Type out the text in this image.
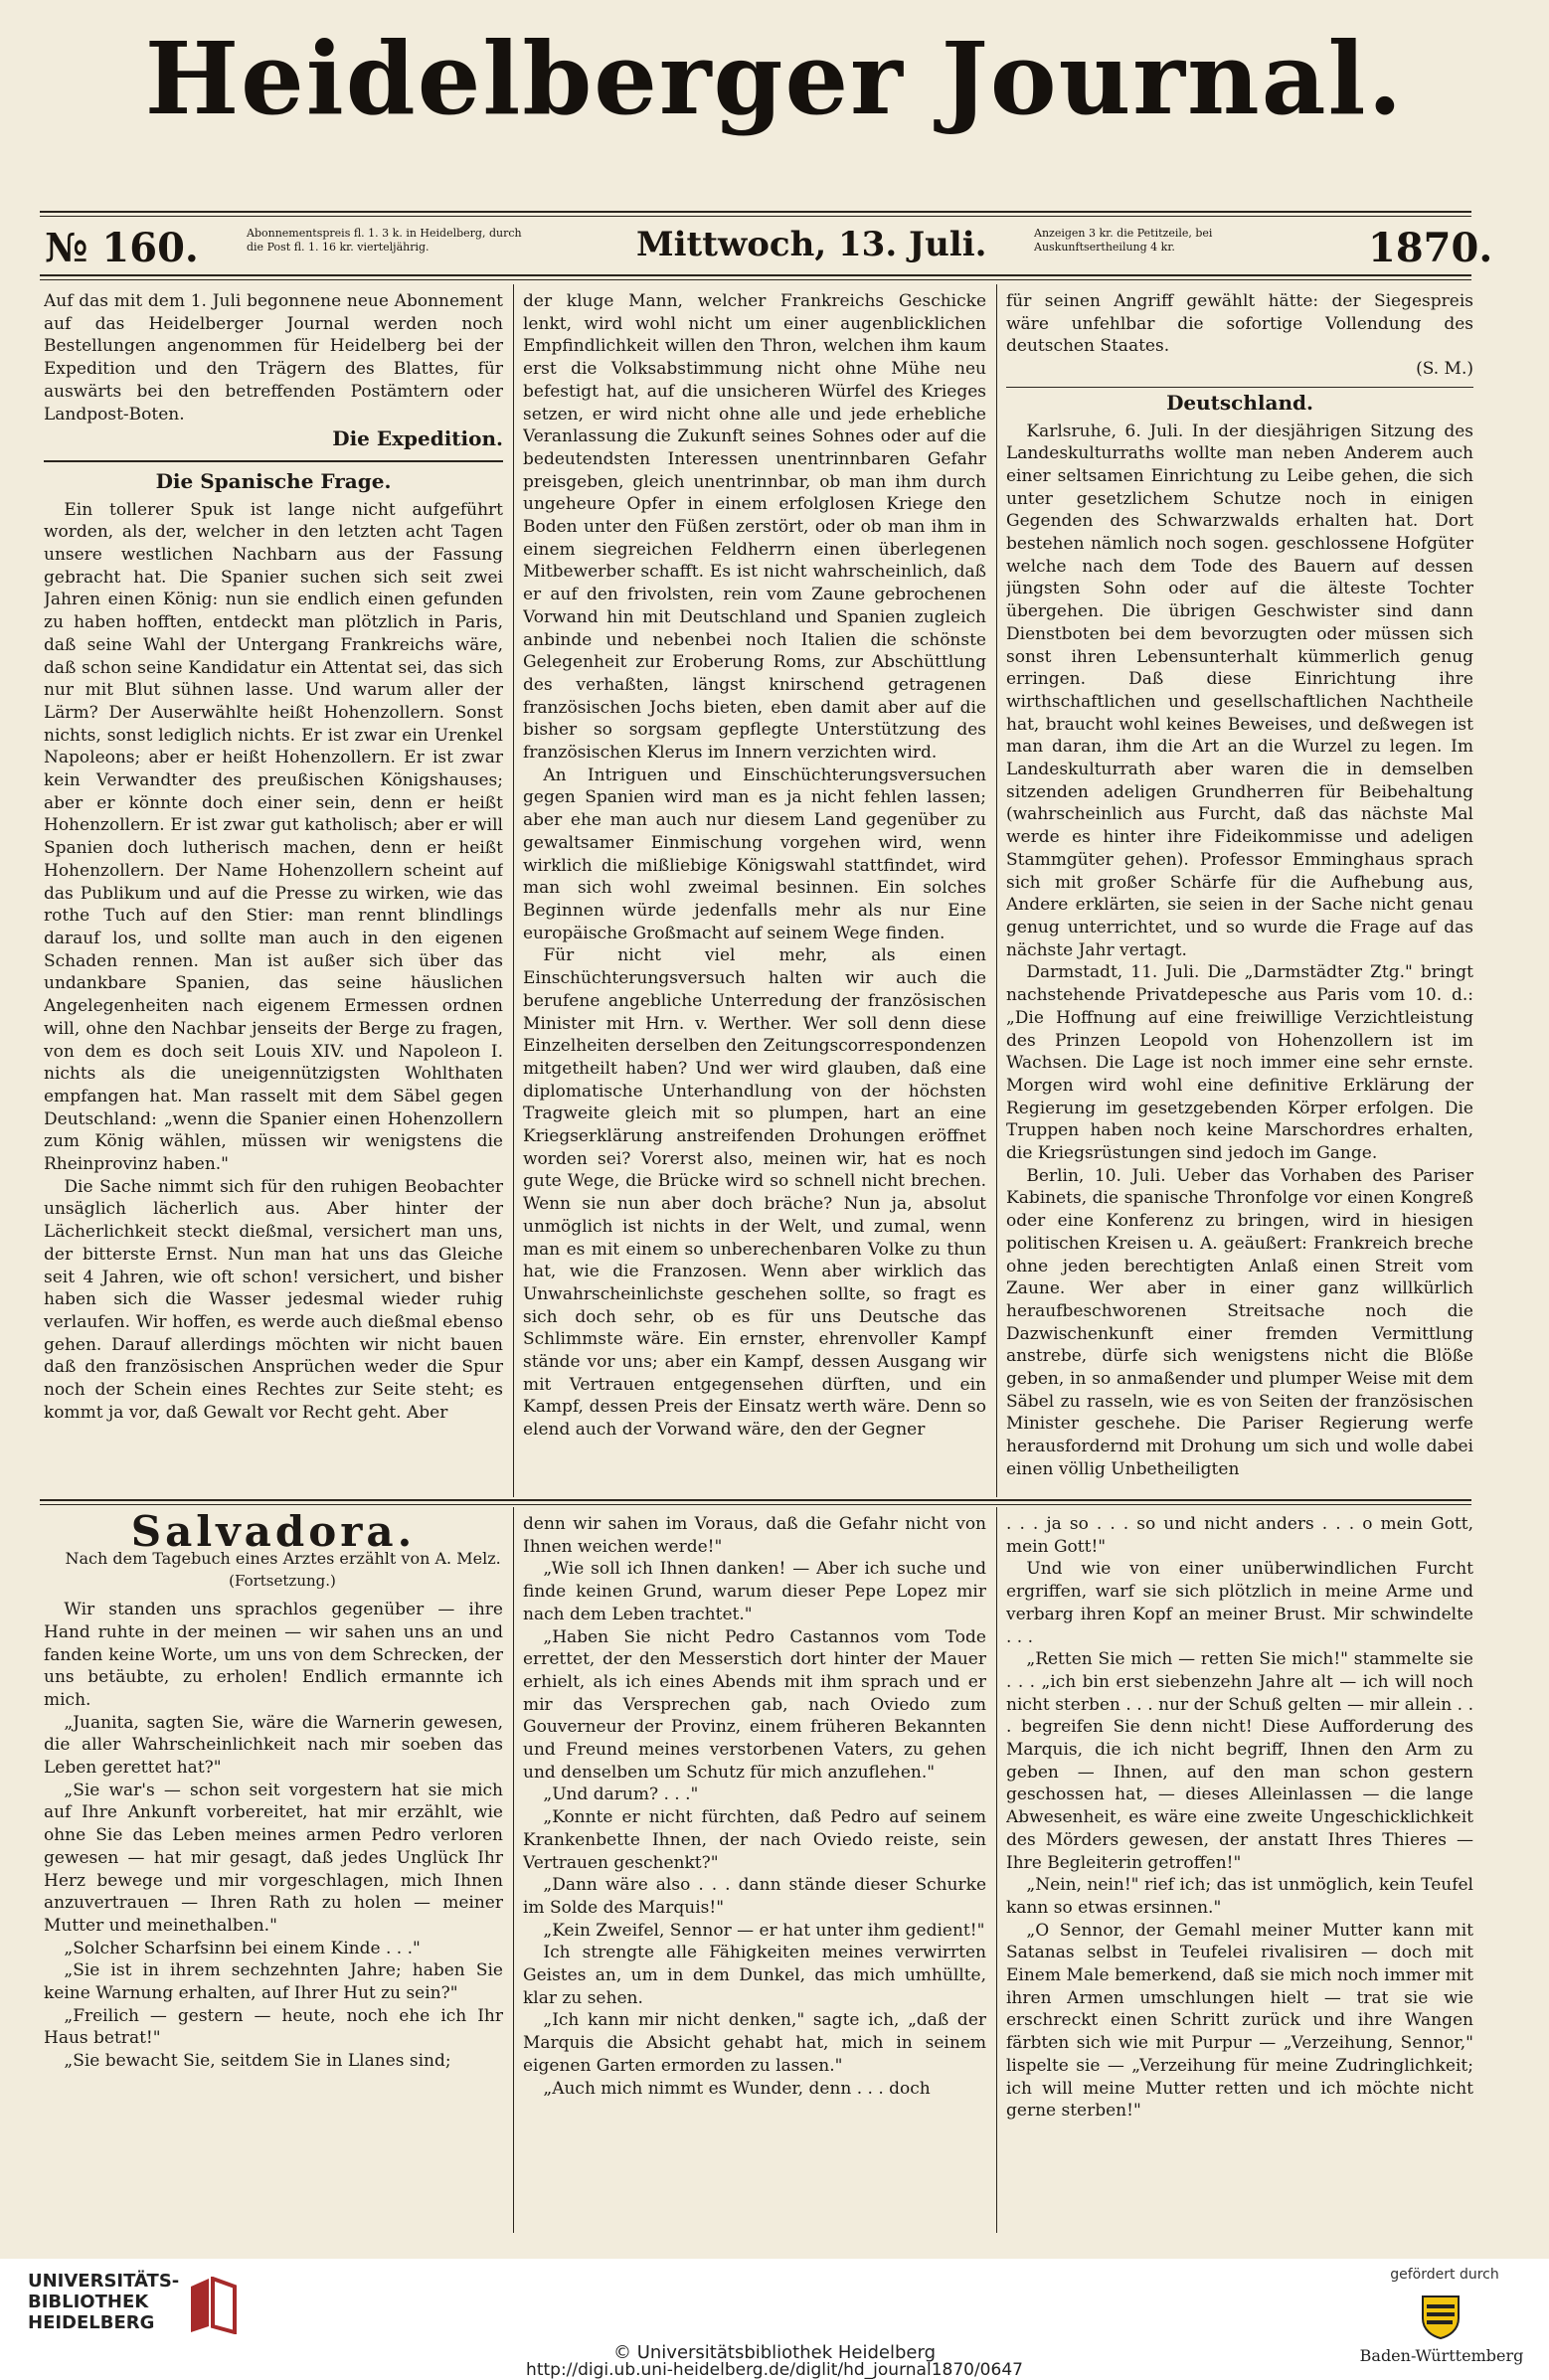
Heidelberger Journal.
№ 160.	Abonnementspreis fl. 1. 3 k. in Heidelberg, durch die Post fl. 1. 16 kr. vierteljährig.	Mittwoch, 13. Juli.	Anzeigen 3 kr. die Petitzeile, bei Auskunftsertheilung 4 kr.	1870.

Auf das mit dem 1. Juli begonnene neue Abonnement auf das Heidelberger Journal werden noch Bestellungen angenommen für Heidelberg bei der Expedition und den Trägern des Blattes, für auswärts bei den betreffenden Postämtern oder Landpost-Boten.

Die Expedition.

Die Spanische Frage.

Ein tollerer Spuk ist lange nicht aufgeführt worden, als der, welcher in den letzten acht Tagen unsere westlichen Nachbarn aus der Fassung gebracht hat. Die Spanier suchen sich seit zwei Jahren einen König: nun sie endlich einen gefunden zu haben hofften, entdeckt man plötzlich in Paris, daß seine Wahl der Untergang Frankreichs wäre, daß schon seine Kandidatur ein Attentat sei, das sich nur mit Blut sühnen lasse. Und warum aller der Lärm? Der Auserwählte heißt Hohenzollern. Sonst nichts, sonst lediglich nichts. Er ist zwar ein Urenkel Napoleons; aber er heißt Hohenzollern. Er ist zwar kein Verwandter des preußischen Königshauses; aber er könnte doch einer sein, denn er heißt Hohenzollern. Er ist zwar gut katholisch; aber er will Spanien doch lutherisch machen, denn er heißt Hohenzollern. Der Name Hohenzollern scheint auf das Publikum und auf die Presse zu wirken, wie das rothe Tuch auf den Stier: man rennt blindlings darauf los, und sollte man auch in den eigenen Schaden rennen. Man ist außer sich über das undankbare Spanien, das seine häuslichen Angelegenheiten nach eigenem Ermessen ordnen will, ohne den Nachbar jenseits der Berge zu fragen, von dem es doch seit Louis XIV. und Napoleon I. nichts als die uneigennützigsten Wohlthaten empfangen hat. Man rasselt mit dem Säbel gegen Deutschland: „wenn die Spanier einen Hohenzollern zum König wählen, müssen wir wenigstens die Rheinprovinz haben."

Die Sache nimmt sich für den ruhigen Beobachter unsäglich lächerlich aus. Aber hinter der Lächerlichkeit steckt dießmal, versichert man uns, der bitterste Ernst. Nun man hat uns das Gleiche seit 4 Jahren, wie oft schon! versichert, und bisher haben sich die Wasser jedesmal wieder ruhig verlaufen. Wir hoffen, es werde auch dießmal ebenso gehen. Darauf allerdings möchten wir nicht bauen daß den französischen Ansprüchen weder die Spur noch der Schein eines Rechtes zur Seite steht; es kommt ja vor, daß Gewalt vor Recht geht. Aber

der kluge Mann, welcher Frankreichs Geschicke lenkt, wird wohl nicht um einer augenblicklichen Empfindlichkeit willen den Thron, welchen ihm kaum erst die Volksabstimmung nicht ohne Mühe neu befestigt hat, auf die unsicheren Würfel des Krieges setzen, er wird nicht ohne alle und jede erhebliche Veranlassung die Zukunft seines Sohnes oder auf die bedeutendsten Interessen unentrinnbaren Gefahr preisgeben, gleich unentrinnbar, ob man ihm durch ungeheure Opfer in einem erfolglosen Kriege den Boden unter den Füßen zerstört, oder ob man ihm in einem siegreichen Feldherrn einen überlegenen Mitbewerber schafft. Es ist nicht wahrscheinlich, daß er auf den frivolsten, rein vom Zaune gebrochenen Vorwand hin mit Deutschland und Spanien zugleich anbinde und nebenbei noch Italien die schönste Gelegenheit zur Eroberung Roms, zur Abschüttlung des verhaßten, längst knirschend getragenen französischen Jochs bieten, eben damit aber auf die bisher so sorgsam gepflegte Unterstützung des französischen Klerus im Innern verzichten wird.

An Intriguen und Einschüchterungsversuchen gegen Spanien wird man es ja nicht fehlen lassen; aber ehe man auch nur diesem Land gegenüber zu gewaltsamer Einmischung vorgehen wird, wenn wirklich die mißliebige Königswahl stattfindet, wird man sich wohl zweimal besinnen. Ein solches Beginnen würde jedenfalls mehr als nur Eine europäische Großmacht auf seinem Wege finden.

Für nicht viel mehr, als einen Einschüchterungsversuch halten wir auch die berufene angebliche Unterredung der französischen Minister mit Hrn. v. Werther. Wer soll denn diese Einzelheiten derselben den Zeitungscorrespondenzen mitgetheilt haben? Und wer wird glauben, daß eine diplomatische Unterhandlung von der höchsten Tragweite gleich mit so plumpen, hart an eine Kriegserklärung anstreifenden Drohungen eröffnet worden sei? Vorerst also, meinen wir, hat es noch gute Wege, die Brücke wird so schnell nicht brechen. Wenn sie nun aber doch bräche? Nun ja, absolut unmöglich ist nichts in der Welt, und zumal, wenn man es mit einem so unberechenbaren Volke zu thun hat, wie die Franzosen. Wenn aber wirklich das Unwahrscheinlichste geschehen sollte, so fragt es sich doch sehr, ob es für uns Deutsche das Schlimmste wäre. Ein ernster, ehrenvoller Kampf stände vor uns; aber ein Kampf, dessen Ausgang wir mit Vertrauen entgegensehen dürften, und ein Kampf, dessen Preis der Einsatz werth wäre. Denn so elend auch der Vorwand wäre, den der Gegner

für seinen Angriff gewählt hätte: der Siegespreis wäre unfehlbar die sofortige Vollendung des deutschen Staates.

(S. M.)

Deutschland.

Karlsruhe, 6. Juli. In der diesjährigen Sitzung des Landeskulturraths wollte man neben Anderem auch einer seltsamen Einrichtung zu Leibe gehen, die sich unter gesetzlichem Schutze noch in einigen Gegenden des Schwarzwalds erhalten hat. Dort bestehen nämlich noch sogen. geschlossene Hofgüter welche nach dem Tode des Bauern auf dessen jüngsten Sohn oder auf die älteste Tochter übergehen. Die übrigen Geschwister sind dann Dienstboten bei dem bevorzugten oder müssen sich sonst ihren Lebensunterhalt kümmerlich genug erringen. Daß diese Einrichtung ihre wirthschaftlichen und gesellschaftlichen Nachtheile hat, braucht wohl keines Beweises, und deßwegen ist man daran, ihm die Art an die Wurzel zu legen. Im Landeskulturrath aber waren die in demselben sitzenden adeligen Grundherren für Beibehaltung (wahrscheinlich aus Furcht, daß das nächste Mal werde es hinter ihre Fideikommisse und adeligen Stammgüter gehen). Professor Emminghaus sprach sich mit großer Schärfe für die Aufhebung aus, Andere erklärten, sie seien in der Sache nicht genau genug unterrichtet, und so wurde die Frage auf das nächste Jahr vertagt.

Darmstadt, 11. Juli. Die „Darmstädter Ztg." bringt nachstehende Privatdepesche aus Paris vom 10. d.: „Die Hoffnung auf eine freiwillige Verzichtleistung des Prinzen Leopold von Hohenzollern ist im Wachsen. Die Lage ist noch immer eine sehr ernste. Morgen wird wohl eine definitive Erklärung der Regierung im gesetzgebenden Körper erfolgen. Die Truppen haben noch keine Marschordres erhalten, die Kriegsrüstungen sind jedoch im Gange.

Berlin, 10. Juli. Ueber das Vorhaben des Pariser Kabinets, die spanische Thronfolge vor einen Kongreß oder eine Konferenz zu bringen, wird in hiesigen politischen Kreisen u. A. geäußert: Frankreich breche ohne jeden berechtigten Anlaß einen Streit vom Zaune. Wer aber in einer ganz willkürlich heraufbeschworenen Streitsache noch die Dazwischenkunft einer fremden Vermittlung anstrebe, dürfe sich wenigstens nicht die Blöße geben, in so anmaßender und plumper Weise mit dem Säbel zu rasseln, wie es von Seiten der französischen Minister geschehe. Die Pariser Regierung werfe herausfordernd mit Drohung um sich und wolle dabei einen völlig Unbetheiligten

Salvadora.

Nach dem Tagebuch eines Arztes erzählt von A. Melz.

(Fortsetzung.)

Wir standen uns sprachlos gegenüber — ihre Hand ruhte in der meinen — wir sahen uns an und fanden keine Worte, um uns von dem Schrecken, der uns betäubte, zu erholen! Endlich ermannte ich mich.

„Juanita, sagten Sie, wäre die Warnerin gewesen, die aller Wahrscheinlichkeit nach mir soeben das Leben gerettet hat?"

„Sie war's — schon seit vorgestern hat sie mich auf Ihre Ankunft vorbereitet, hat mir erzählt, wie ohne Sie das Leben meines armen Pedro verloren gewesen — hat mir gesagt, daß jedes Unglück Ihr Herz bewege und mir vorgeschlagen, mich Ihnen anzuvertrauen — Ihren Rath zu holen — meiner Mutter und meinethalben."

„Solcher Scharfsinn bei einem Kinde . . ."

„Sie ist in ihrem sechzehnten Jahre; haben Sie keine Warnung erhalten, auf Ihrer Hut zu sein?"

„Freilich — gestern — heute, noch ehe ich Ihr Haus betrat!"

„Sie bewacht Sie, seitdem Sie in Llanes sind;

denn wir sahen im Voraus, daß die Gefahr nicht von Ihnen weichen werde!"

„Wie soll ich Ihnen danken! — Aber ich suche und finde keinen Grund, warum dieser Pepe Lopez mir nach dem Leben trachtet."

„Haben Sie nicht Pedro Castannos vom Tode errettet, der den Messerstich dort hinter der Mauer erhielt, als ich eines Abends mit ihm sprach und er mir das Versprechen gab, nach Oviedo zum Gouverneur der Provinz, einem früheren Bekannten und Freund meines verstorbenen Vaters, zu gehen und denselben um Schutz für mich anzuflehen."

„Und darum? . . ."

„Konnte er nicht fürchten, daß Pedro auf seinem Krankenbette Ihnen, der nach Oviedo reiste, sein Vertrauen geschenkt?"

„Dann wäre also . . . dann stände dieser Schurke im Solde des Marquis!"

„Kein Zweifel, Sennor — er hat unter ihm gedient!"

Ich strengte alle Fähigkeiten meines verwirrten Geistes an, um in dem Dunkel, das mich umhüllte, klar zu sehen.

„Ich kann mir nicht denken," sagte ich, „daß der Marquis die Absicht gehabt hat, mich in seinem eigenen Garten ermorden zu lassen."

„Auch mich nimmt es Wunder, denn . . . doch

. . . ja so . . . so und nicht anders . . . o mein Gott, mein Gott!"

Und wie von einer unüberwindlichen Furcht ergriffen, warf sie sich plötzlich in meine Arme und verbarg ihren Kopf an meiner Brust. Mir schwindelte . . .

„Retten Sie mich — retten Sie mich!" stammelte sie . . . „ich bin erst siebenzehn Jahre alt — ich will noch nicht sterben . . . nur der Schuß gelten — mir allein . . . begreifen Sie denn nicht! Diese Aufforderung des Marquis, die ich nicht begriff, Ihnen den Arm zu geben — Ihnen, auf den man schon gestern geschossen hat, — dieses Alleinlassen — die lange Abwesenheit, es wäre eine zweite Ungeschicklichkeit des Mörders gewesen, der anstatt Ihres Thieres — Ihre Begleiterin getroffen!"

„Nein, nein!" rief ich; das ist unmöglich, kein Teufel kann so etwas ersinnen."

„O Sennor, der Gemahl meiner Mutter kann mit Satanas selbst in Teufelei rivalisiren — doch mit Einem Male bemerkend, daß sie mich noch immer mit ihren Armen umschlungen hielt — trat sie wie erschreckt einen Schritt zurück und ihre Wangen färbten sich wie mit Purpur — „Verzeihung, Sennor," lispelte sie — „Verzeihung für meine Zudringlichkeit; ich will meine Mutter retten und ich möchte nicht gerne sterben!"

UNIVERSITÄTS-
BIBLIOTHEK
HEIDELBERG
© Universitätsbibliothek Heidelberg
http://digi.ub.uni-heidelberg.de/diglit/hd_journal1870/0647
gefördert durch
Baden-Württemberg
